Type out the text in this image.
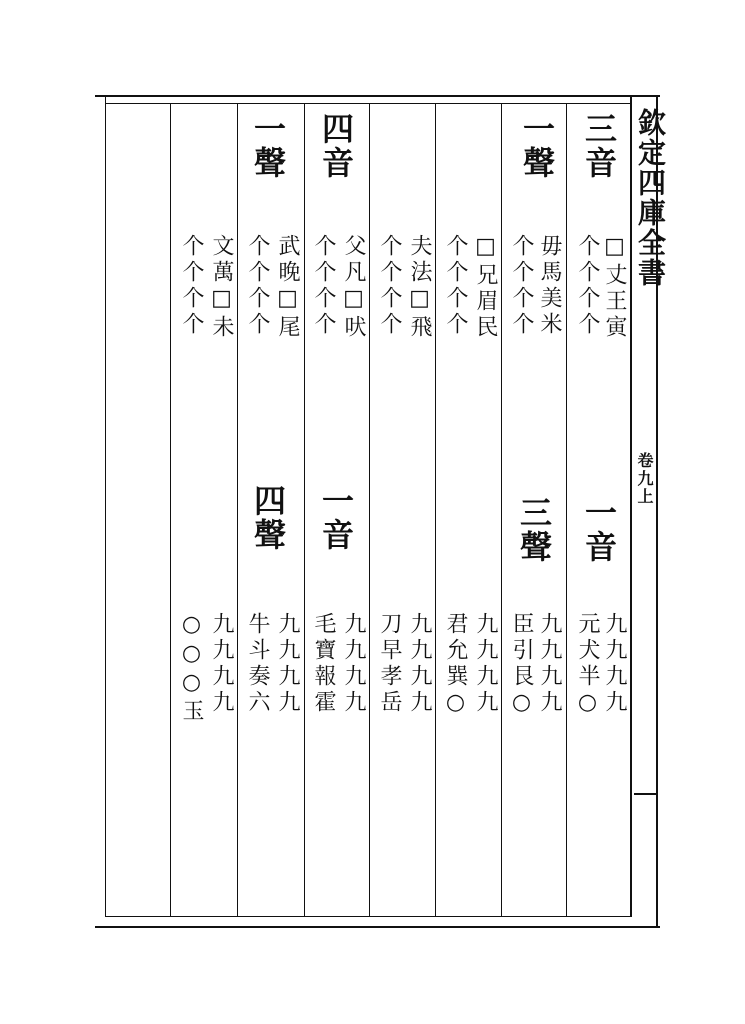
欽定四庫全書
卷九上
三音
□丈王寅
个个个个
一音
九九九九
元犬半○
一聲
毋馬美米
个个个个
三聲
九九九九
臣引艮○
□兄眉民
个个个个
九九九九
君允巽○
夫法□飛
个个个个
九九九九
刀早孝岳
四音
父凡□吠
个个个个
一音
九九九九
毛寶報霍
一聲
武晚□尾
个个个个
四聲
九九九九
牛斗奏六
文萬□未
个个个个
九九九九
○○○玉
